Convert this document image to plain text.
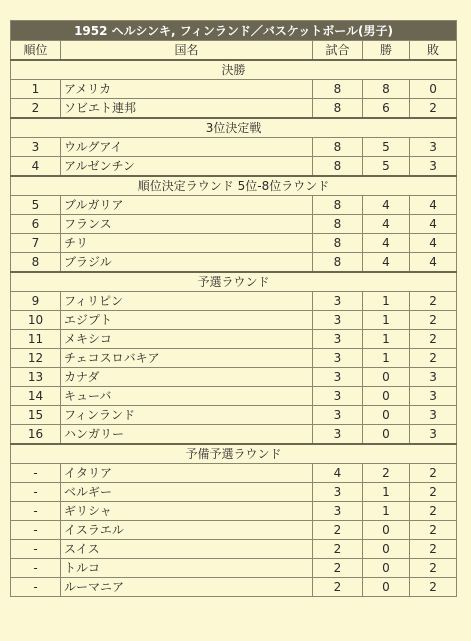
1952 ヘルシンキ, フィンランド／バスケットボール(男子)				
順位	国名	試合	勝	敗
決勝				
1	アメリカ	8	8	0
2	ソビエト連邦	8	6	2
3位決定戦				
3	ウルグアイ	8	5	3
4	アルゼンチン	8	5	3
順位決定ラウンド 5位-8位ラウンド				
5	ブルガリア	8	4	4
6	フランス	8	4	4
7	チリ	8	4	4
8	ブラジル	8	4	4
予選ラウンド				
9	フィリピン	3	1	2
10	エジプト	3	1	2
11	メキシコ	3	1	2
12	チェコスロバキア	3	1	2
13	カナダ	3	0	3
14	キューバ	3	0	3
15	フィンランド	3	0	3
16	ハンガリー	3	0	3
予備予選ラウンド				
-	イタリア	4	2	2
-	ベルギー	3	1	2
-	ギリシャ	3	1	2
-	イスラエル	2	0	2
-	スイス	2	0	2
-	トルコ	2	0	2
-	ルーマニア	2	0	2
